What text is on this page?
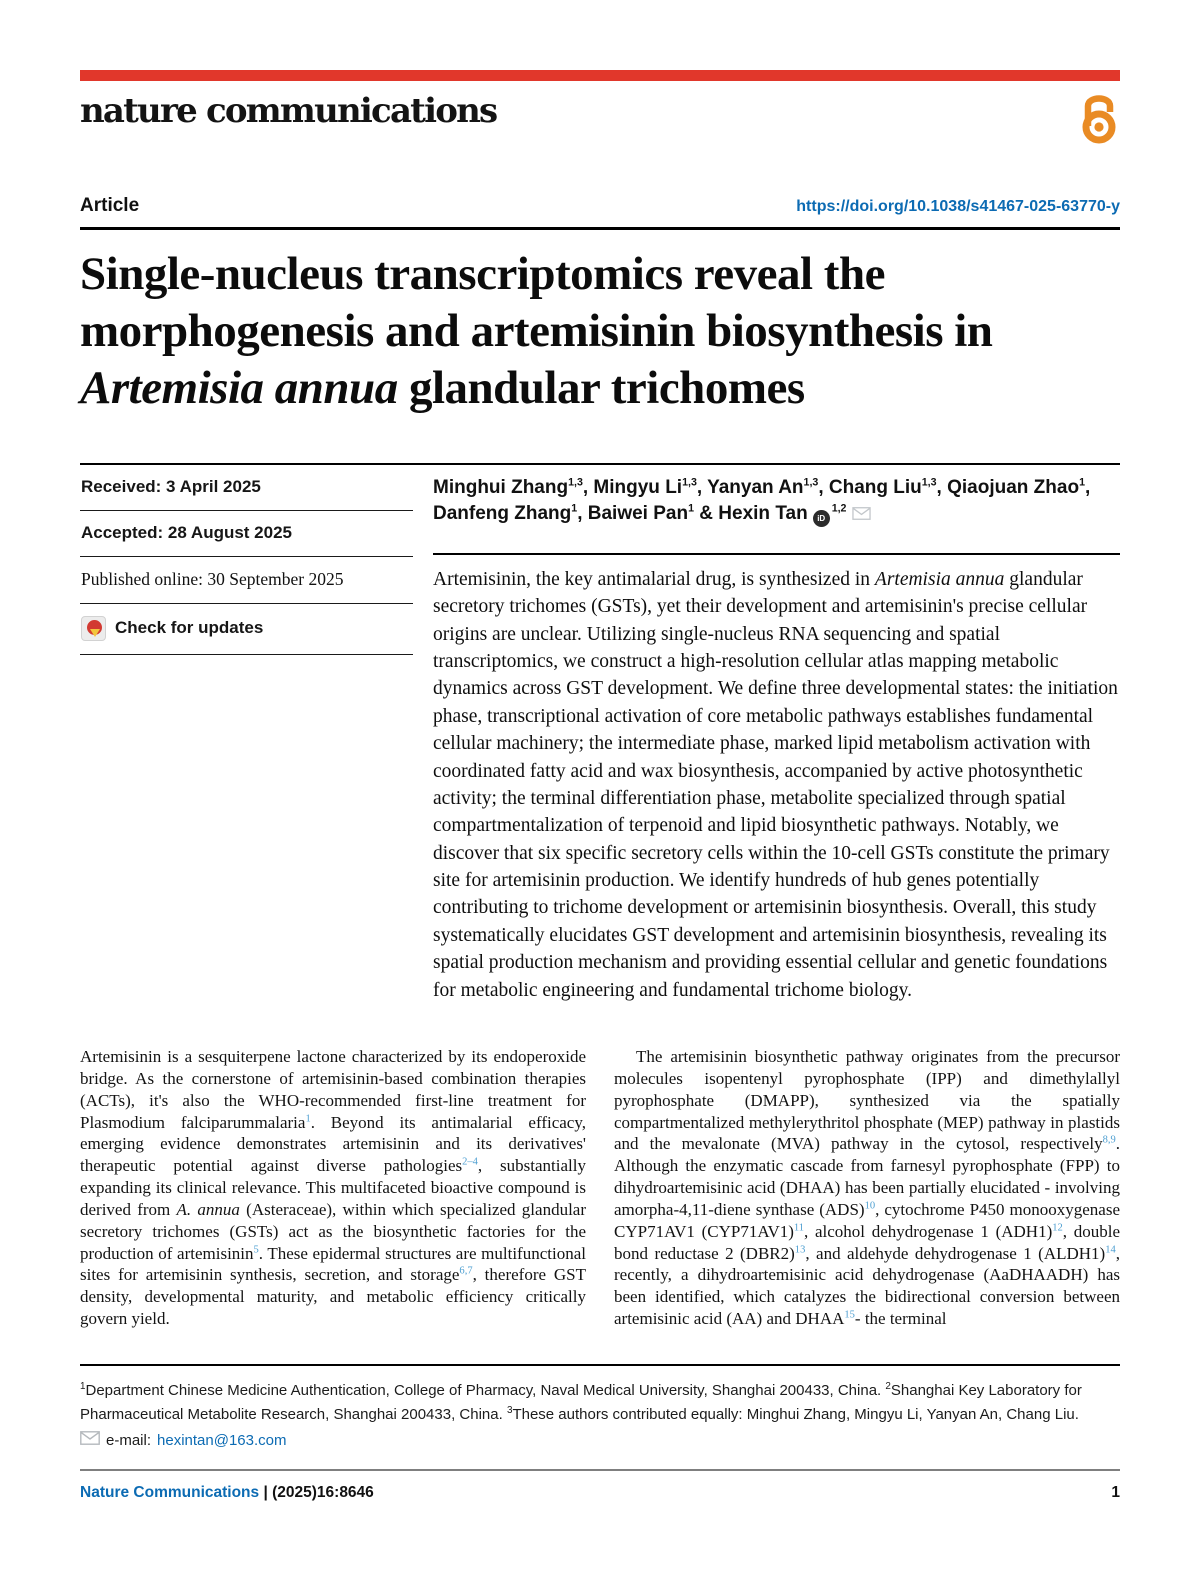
nature communications
Article	https://doi.org/10.1038/s41467-025-63770-y
Single-nucleus transcriptomics reveal the morphogenesis and artemisinin biosynthesis in Artemisia annua glandular trichomes
Received: 3 April 2025
Accepted: 28 August 2025
Published online: 30 September 2025
Check for updates
Minghui Zhang$^{1,3}$, Mingyu Li$^{1,3}$, Yanyan An$^{1,3}$, Chang Liu$^{1,3}$, Qiaojuan Zhao$^1$, Danfeng Zhang$^1$, Baiwei Pan$^1$ & Hexin Tan iD$^{1,2}$

Artemisinin, the key antimalarial drug, is synthesized in Artemisia annua glandular secretory trichomes (GSTs), yet their development and artemisinin's precise cellular origins are unclear. Utilizing single-nucleus RNA sequencing and spatial transcriptomics, we construct a high-resolution cellular atlas mapping metabolic dynamics across GST development. We define three developmental states: the initiation phase, transcriptional activation of core metabolic pathways establishes fundamental cellular machinery; the intermediate phase, marked lipid metabolism activation with coordinated fatty acid and wax biosynthesis, accompanied by active photosynthetic activity; the terminal differentiation phase, metabolite specialized through spatial compartmentalization of terpenoid and lipid biosynthetic pathways. Notably, we discover that six specific secretory cells within the 10-cell GSTs constitute the primary site for artemisinin production. We identify hundreds of hub genes potentially contributing to trichome development or artemisinin biosynthesis. Overall, this study systematically elucidates GST development and artemisinin biosynthesis, revealing its spatial production mechanism and providing essential cellular and genetic foundations for metabolic engineering and fundamental trichome biology.

Artemisinin is a sesquiterpene lactone characterized by its endoperoxide bridge. As the cornerstone of artemisinin-based combination therapies (ACTs), it's also the WHO-recommended first-line treatment for Plasmodium falciparummalaria$^1$. Beyond its antimalarial efficacy, emerging evidence demonstrates artemisinin and its derivatives' therapeutic potential against diverse pathologies$^{2-4}$, substantially expanding its clinical relevance. This multifaceted bioactive compound is derived from A. annua (Asteraceae), within which specialized glandular secretory trichomes (GSTs) act as the biosynthetic factories for the production of artemisinin$^5$. These epidermal structures are multifunctional sites for artemisinin synthesis, secretion, and storage$^{6,7}$, therefore GST density, developmental maturity, and metabolic efficiency critically govern yield.

The artemisinin biosynthetic pathway originates from the precursor molecules isopentenyl pyrophosphate (IPP) and dimethylallyl pyrophosphate (DMAPP), synthesized via the spatially compartmentalized methylerythritol phosphate (MEP) pathway in plastids and the mevalonate (MVA) pathway in the cytosol, respectively$^{8,9}$. Although the enzymatic cascade from farnesyl pyrophosphate (FPP) to dihydroartemisinic acid (DHAA) has been partially elucidated - involving amorpha-4,11-diene synthase (ADS)$^{10}$, cytochrome P450 monooxygenase CYP71AV1 (CYP71AV1)$^{11}$, alcohol dehydrogenase 1 (ADH1)$^{12}$, double bond reductase 2 (DBR2)$^{13}$, and aldehyde dehydrogenase 1 (ALDH1)$^{14}$, recently, a dihydroartemisinic acid dehydrogenase (AaDHAADH) has been identified, which catalyzes the bidirectional conversion between artemisinic acid (AA) and DHAA$^{15}$- the terminal

$^1$Department Chinese Medicine Authentication, College of Pharmacy, Naval Medical University, Shanghai 200433, China. $^2$Shanghai Key Laboratory for Pharmaceutical Metabolite Research, Shanghai 200433, China. $^3$These authors contributed equally: Minghui Zhang, Mingyu Li, Yanyan An, Chang Liu.
e-mail: hexintan@163.com
Nature Communications | (2025)16:8646	1
